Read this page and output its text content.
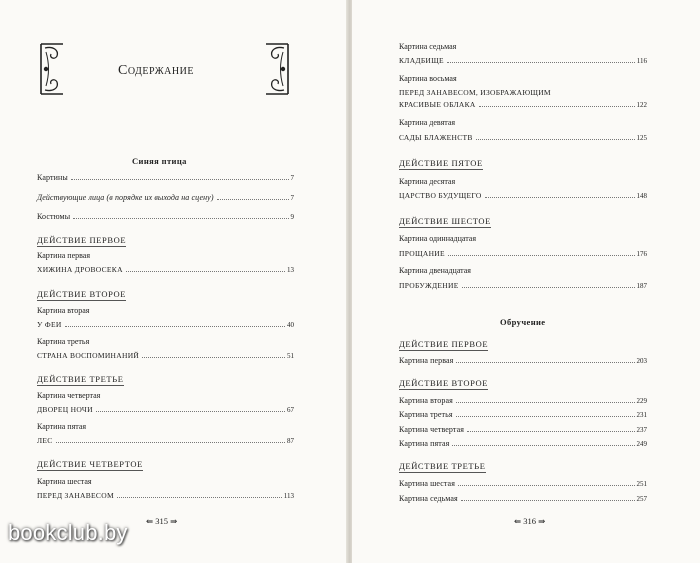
Содержание
Синяя птица
Картины	7
Действующие лица (в порядке их выхода на сцену)	7
Костюмы	9
ДЕЙСТВИЕ ПЕРВОЕ
Картина первая
ХИЖИНА ДРОВОСЕКА	13
ДЕЙСТВИЕ ВТОРОЕ
Картина вторая
У ФЕИ	40
Картина третья
СТРАНА ВОСПОМИНАНИЙ	51
ДЕЙСТВИЕ ТРЕТЬЕ
Картина четвертая
ДВОРЕЦ НОЧИ	67
Картина пятая
ЛЕС	87
ДЕЙСТВИЕ ЧЕТВЕРТОЕ
Картина шестая
ПЕРЕД ЗАНАВЕСОМ	113
⇚ 315 ⇛
Картина седьмая
КЛАДБИЩЕ	116
Картина восьмая
ПЕРЕД ЗАНАВЕСОМ, ИЗОБРАЖАЮЩИМ
КРАСИВЫЕ ОБЛАКА	122
Картина девятая
САДЫ БЛАЖЕНСТВ	125
ДЕЙСТВИЕ ПЯТОЕ
Картина десятая
ЦАРСТВО БУДУЩЕГО	148
ДЕЙСТВИЕ ШЕСТОЕ
Картина одиннадцатая
ПРОЩАНИЕ	176
Картина двенадцатая
ПРОБУЖДЕНИЕ	187
Обручение
ДЕЙСТВИЕ ПЕРВОЕ
Картина первая	203
ДЕЙСТВИЕ ВТОРОЕ
Картина вторая	229
Картина третья	231
Картина четвертая	237
Картина пятая	249
ДЕЙСТВИЕ ТРЕТЬЕ
Картина шестая	251
Картина седьмая	257
⇚ 316 ⇛
bookclub.by
